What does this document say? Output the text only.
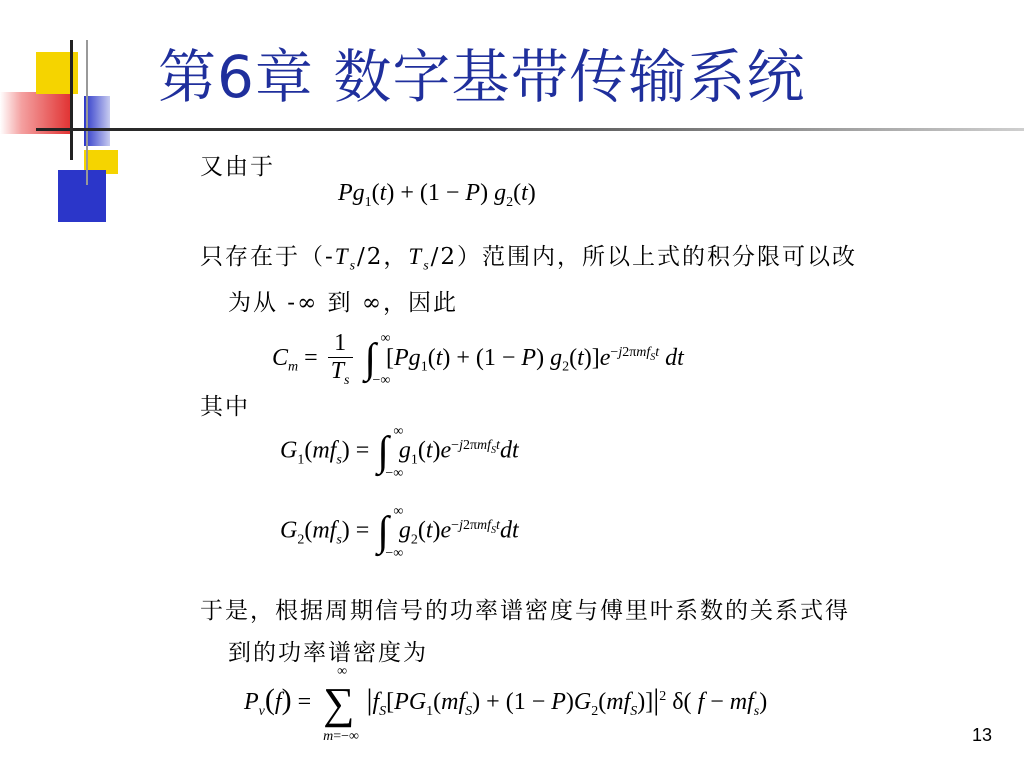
第6章 数字基带传输系统
又由于
$Pg_1(t) + (1 - P)$ $g_2(t)$
只存在于（$-T_s/2$，$T_s/2$）范围内，所以上式的积分限可以改
为从 -∞ 到 ∞，因此
$C_m = \frac{1}{T_s}$ ∫ ∞
−∞
[$Pg_1(t) + (1 - P)$ $g_2(t)]e^{-j2\pi mf_St}$ dt
其中
$G_1(mf_s)$ = ∫ ∞
−∞
$g_1(t)e^{-j2\pi mf_St}dt$
$G_2(mf_s)$ = ∫ ∞
−∞
$g_2(t)e^{-j2\pi mf_St}dt$
于是，根据周期信号的功率谱密度与傅里叶系数的关系式得
到的功率谱密度为
$P_v(f)$ = ∑
∞
m=−∞
$|f_S[PG_1(mf_S) + (1 - P)G_2(mf_S)]|^2$ δ( $f - mf_s$)
13
